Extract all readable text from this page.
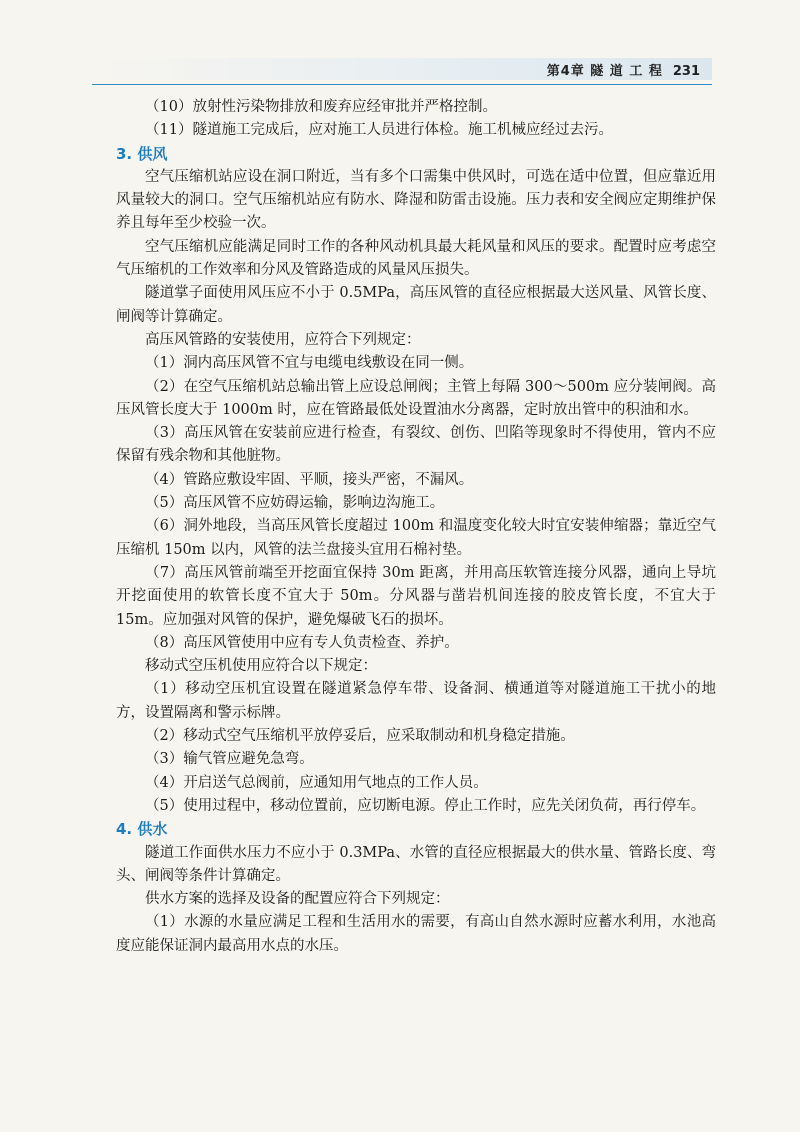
第4章 隧 道 工 程 231

（10）放射性污染物排放和废弃应经审批并严格控制。

（11）隧道施工完成后，应对施工人员进行体检。施工机械应经过去污。

3. 供风

空气压缩机站应设在洞口附近，当有多个口需集中供风时，可选在适中位置，但应靠近用风量较大的洞口。空气压缩机站应有防水、降湿和防雷击设施。压力表和安全阀应定期维护保养且每年至少校验一次。

空气压缩机应能满足同时工作的各种风动机具最大耗风量和风压的要求。配置时应考虑空气压缩机的工作效率和分风及管路造成的风量风压损失。

隧道掌子面使用风压应不小于 0.5MPa，高压风管的直径应根据最大送风量、风管长度、闸阀等计算确定。

高压风管路的安装使用，应符合下列规定：

（1）洞内高压风管不宜与电缆电线敷设在同一侧。

（2）在空气压缩机站总输出管上应设总闸阀；主管上每隔 300～500m 应分装闸阀。高压风管长度大于 1000m 时，应在管路最低处设置油水分离器，定时放出管中的积油和水。

（3）高压风管在安装前应进行检查，有裂纹、创伤、凹陷等现象时不得使用，管内不应保留有残余物和其他脏物。

（4）管路应敷设牢固、平顺，接头严密，不漏风。

（5）高压风管不应妨碍运输，影响边沟施工。

（6）洞外地段，当高压风管长度超过 100m 和温度变化较大时宜安装伸缩器；靠近空气压缩机 150m 以内，风管的法兰盘接头宜用石棉衬垫。

（7）高压风管前端至开挖面宜保持 30m 距离，并用高压软管连接分风器，通向上导坑开挖面使用的软管长度不宜大于 50m。分风器与凿岩机间连接的胶皮管长度，不宜大于 15m。应加强对风管的保护，避免爆破飞石的损坏。

（8）高压风管使用中应有专人负责检查、养护。

移动式空压机使用应符合以下规定：

（1）移动空压机宜设置在隧道紧急停车带、设备洞、横通道等对隧道施工干扰小的地方，设置隔离和警示标牌。

（2）移动式空气压缩机平放停妥后，应采取制动和机身稳定措施。

（3）输气管应避免急弯。

（4）开启送气总阀前，应通知用气地点的工作人员。

（5）使用过程中，移动位置前，应切断电源。停止工作时，应先关闭负荷，再行停车。

4. 供水

隧道工作面供水压力不应小于 0.3MPa、水管的直径应根据最大的供水量、管路长度、弯头、闸阀等条件计算确定。

供水方案的选择及设备的配置应符合下列规定：

（1）水源的水量应满足工程和生活用水的需要，有高山自然水源时应蓄水利用，水池高度应能保证洞内最高用水点的水压。
